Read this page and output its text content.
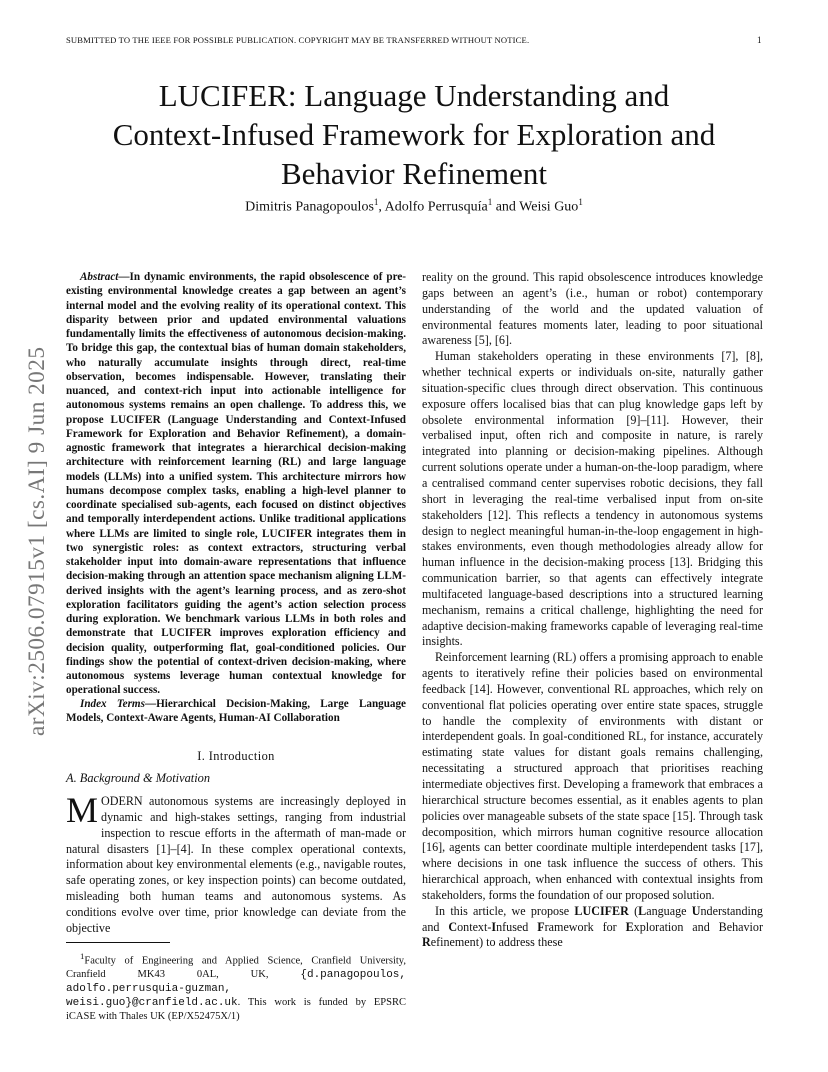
SUBMITTED TO THE IEEE FOR POSSIBLE PUBLICATION. COPYRIGHT MAY BE TRANSFERRED WITHOUT NOTICE.	1
LUCIFER: Language Understanding and
Context-Infused Framework for Exploration and
Behavior Refinement
Dimitris Panagopoulos$^1$, Adolfo Perrusquía$^1$ and Weisi Guo$^1$
arXiv:2506.07915v1 [cs.AI] 9 Jun 2025
Abstract—In dynamic environments, the rapid obsolescence of pre-existing environmental knowledge creates a gap between an agent’s internal model and the evolving reality of its operational context. This disparity between prior and updated environmental valuations fundamentally limits the effectiveness of autonomous decision-making. To bridge this gap, the contextual bias of human domain stakeholders, who naturally accumulate insights through direct, real-time observation, becomes indispensable. However, translating their nuanced, and context-rich input into actionable intelligence for autonomous systems remains an open challenge. To address this, we propose LUCIFER (Language Understanding and Context-Infused Framework for Exploration and Behavior Refinement), a domain-agnostic framework that integrates a hierarchical decision-making architecture with reinforcement learning (RL) and large language models (LLMs) into a unified system. This architecture mirrors how humans decompose complex tasks, enabling a high-level planner to coordinate specialised sub-agents, each focused on distinct objectives and temporally interdependent actions. Unlike traditional applications where LLMs are limited to single role, LUCIFER integrates them in two synergistic roles: as context extractors, structuring verbal stakeholder input into domain-aware representations that influence decision-making through an attention space mechanism aligning LLM-derived insights with the agent’s learning process, and as zero-shot exploration facilitators guiding the agent’s action selection process during exploration. We benchmark various LLMs in both roles and demonstrate that LUCIFER improves exploration efficiency and decision quality, outperforming flat, goal-conditioned policies. Our findings show the potential of context-driven decision-making, where autonomous systems leverage human contextual knowledge for operational success.
Index Terms—Hierarchical Decision-Making, Large Language Models, Context-Aware Agents, Human-AI Collaboration
I. Introduction
A. Background & Motivation
MODERN autonomous systems are increasingly deployed in dynamic and high-stakes settings, ranging from industrial inspection to rescue efforts in the aftermath of man-made or natural disasters [1]–[4]. In these complex operational contexts, information about key environmental elements (e.g., navigable routes, safe operating zones, or key inspection points) can become outdated, misleading both human teams and autonomous systems. As conditions evolve over time, prior knowledge can deviate from the objective
$^1$Faculty of Engineering and Applied Science, Cranfield University, Cranfield MK43 0AL, UK, {d.panagopoulos, adolfo.perrusquia-guzman, weisi.guo}@cranfield.ac.uk. This work is funded by EPSRC iCASE with Thales UK (EP/X52475X/1)

reality on the ground. This rapid obsolescence introduces knowledge gaps between an agent’s (i.e., human or robot) contemporary understanding of the world and the updated valuation of environmental features moments later, leading to poor situational awareness [5], [6].

Human stakeholders operating in these environments [7], [8], whether technical experts or individuals on-site, naturally gather situation-specific clues through direct observation. This continuous exposure offers localised bias that can plug knowledge gaps left by obsolete environmental information [9]–[11]. However, their verbalised input, often rich and composite in nature, is rarely integrated into planning or decision-making pipelines. Although current solutions operate under a human-on-the-loop paradigm, where a centralised command center supervises robotic decisions, they fall short in leveraging the real-time verbalised input from on-site stakeholders [12]. This reflects a tendency in autonomous systems design to neglect meaningful human-in-the-loop engagement in high-stakes environments, even though methodologies already allow for human influence in the decision-making process [13]. Bridging this communication barrier, so that agents can effectively integrate multifaceted language-based descriptions into a structured learning mechanism, remains a critical challenge, highlighting the need for adaptive decision-making frameworks capable of leveraging real-time insights.

Reinforcement learning (RL) offers a promising approach to enable agents to iteratively refine their policies based on environmental feedback [14]. However, conventional RL approaches, which rely on conventional flat policies operating over entire state spaces, struggle to handle the complexity of environments with distant or interdependent goals. In goal-conditioned RL, for instance, accurately estimating state values for distant goals remains challenging, necessitating a structured approach that prioritises reaching intermediate objectives first. Developing a framework that embraces a hierarchical structure becomes essential, as it enables agents to plan policies over manageable subsets of the state space [15]. Through task decomposition, which mirrors human cognitive resource allocation [16], agents can better coordinate multiple interdependent tasks [17], where decisions in one task influence the success of others. This hierarchical approach, when enhanced with contextual insights from stakeholders, forms the foundation of our proposed solution.

In this article, we propose LUCIFER (Language Understanding and Context-Infused Framework for Exploration and Behavior Refinement) to address these
